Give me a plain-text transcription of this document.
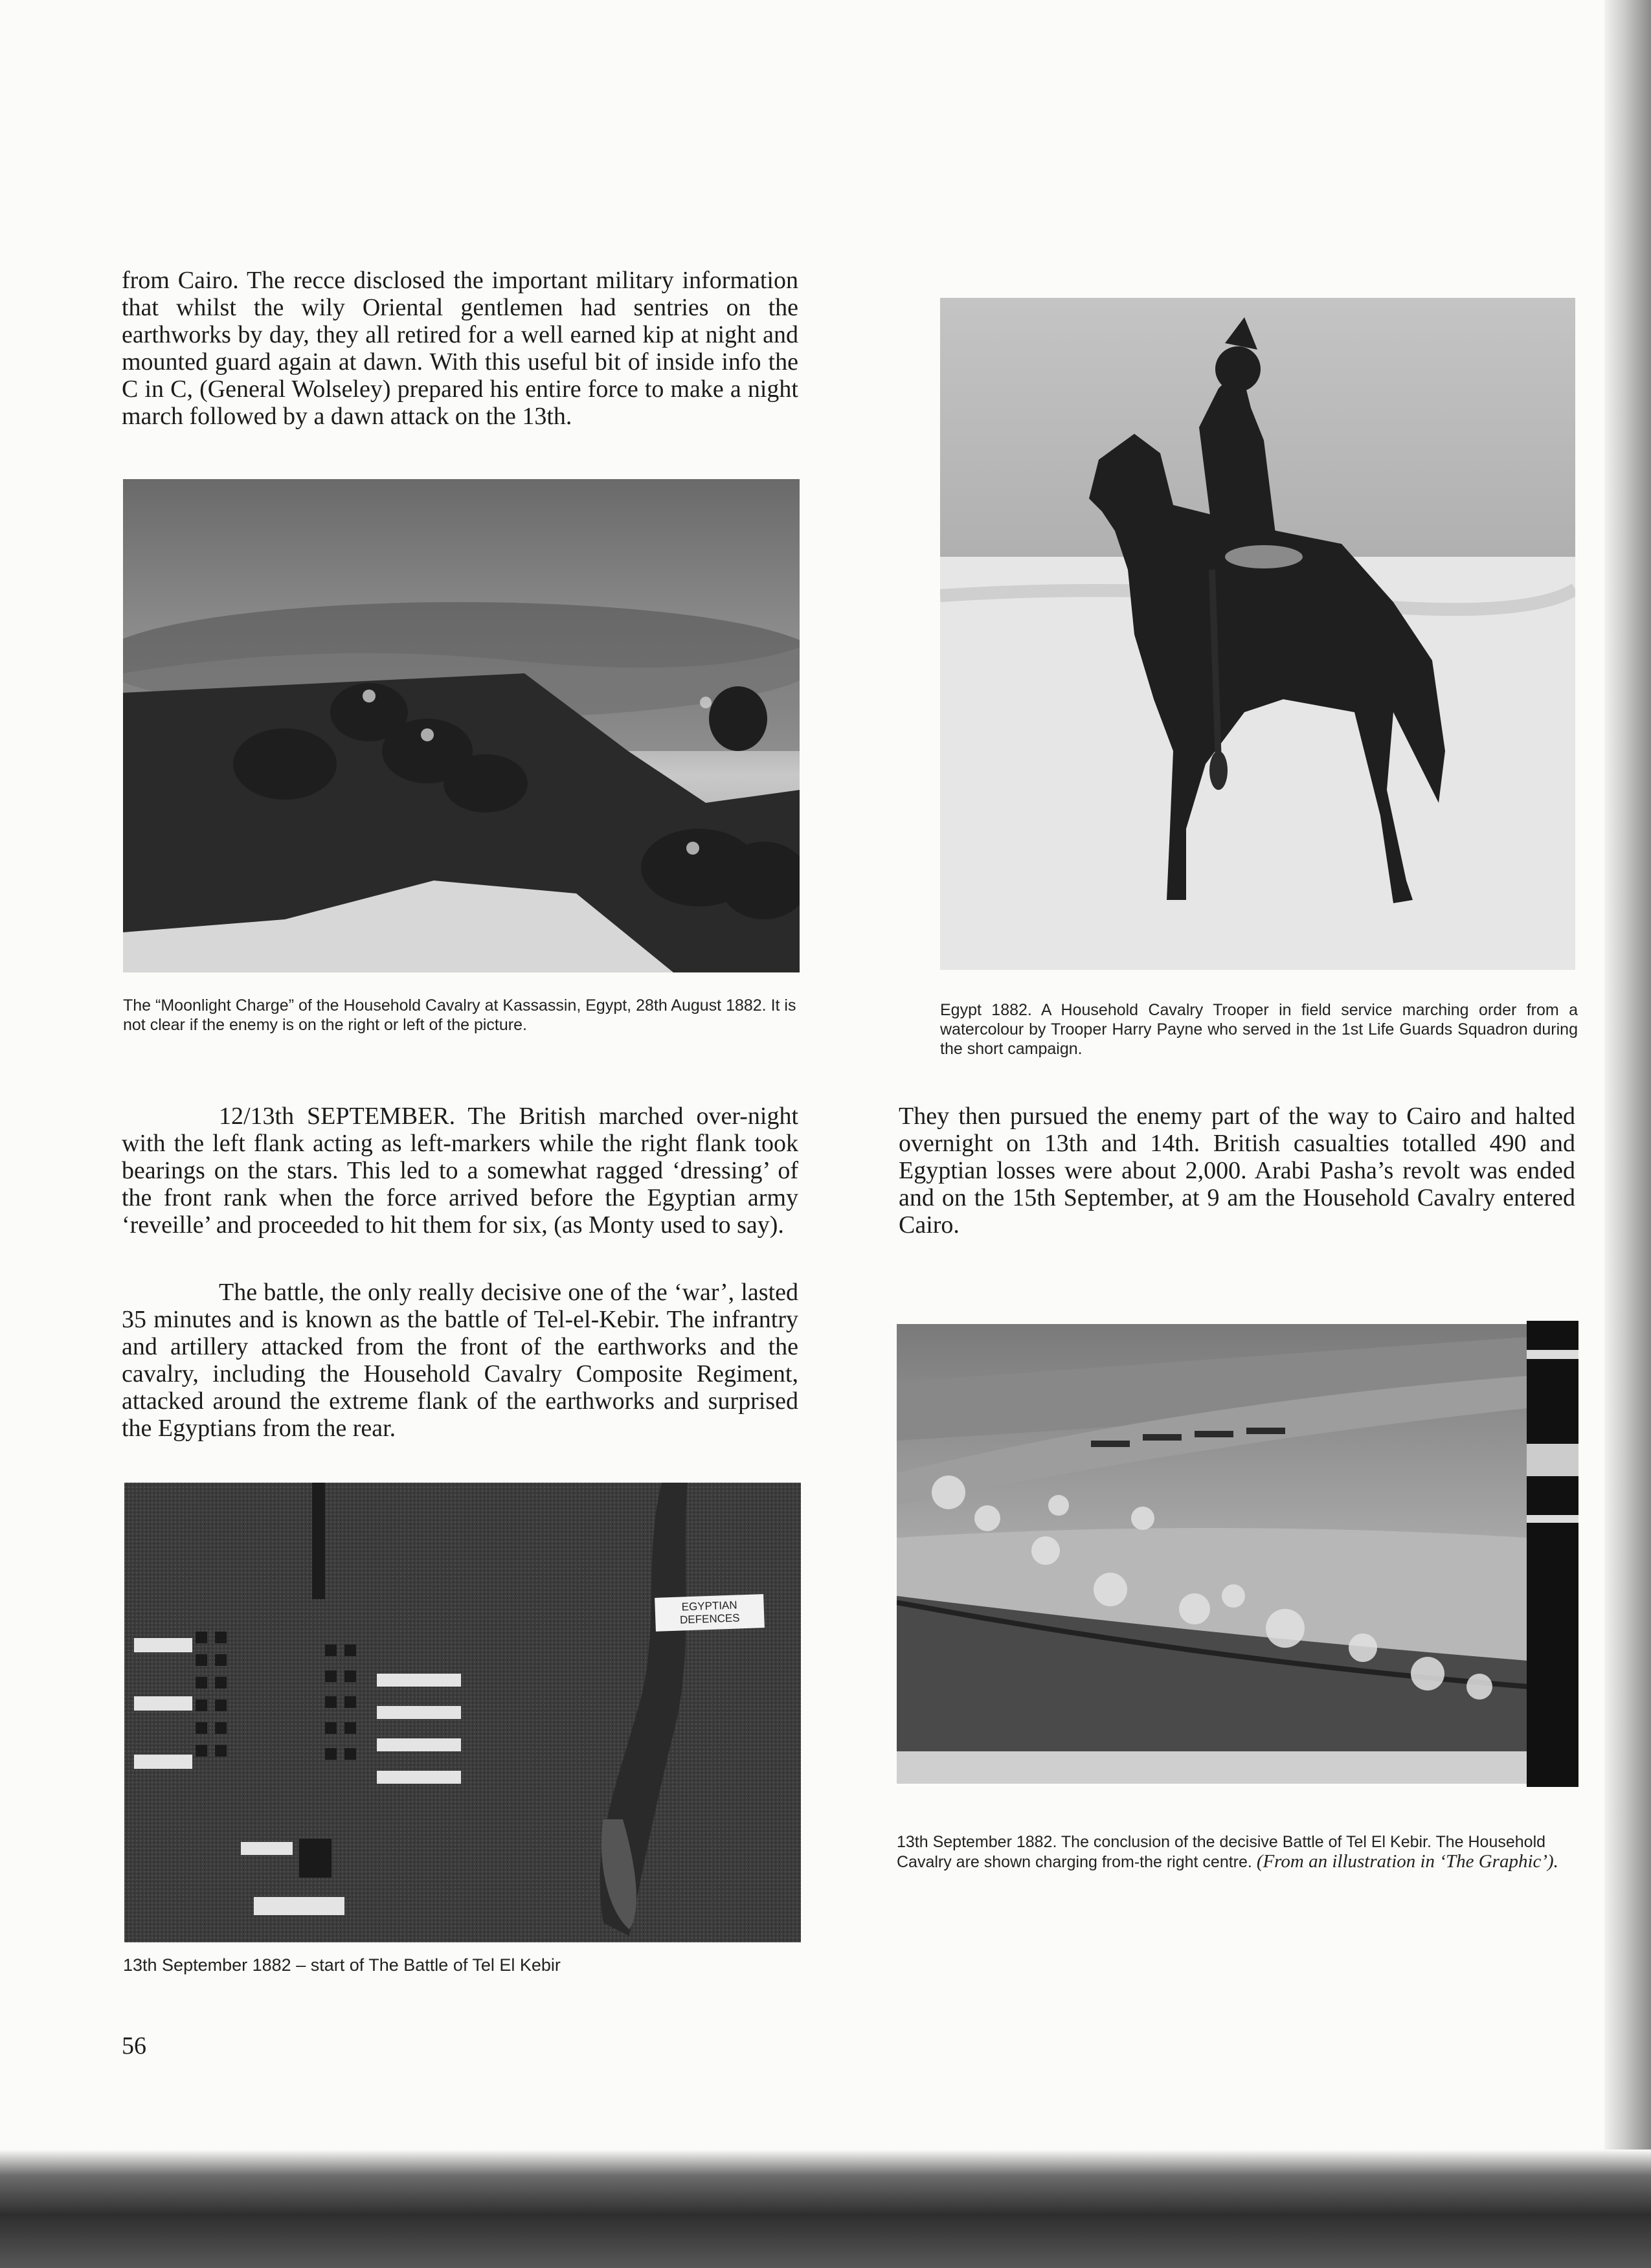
from Cairo. The recce disclosed the important military information that whilst the wily Oriental gentlemen had sentries on the earthworks by day, they all retired for a well earned kip at night and mounted guard again at dawn. With this useful bit of inside info the C in C, (General Wolseley) prepared his entire force to make a night march followed by a dawn attack on the 13th.
The “Moonlight Charge” of the Household Cavalry at Kassassin, Egypt, 28th August 1882. It is not clear if the enemy is on the right or left of the picture.
12/13th SEPTEMBER. The British marched over-night with the left flank acting as left-markers while the right flank took bearings on the stars. This led to a somewhat ragged ‘dressing’ of the front rank when the force arrived before the Egyptian army ‘reveille’ and proceeded to hit them for six, (as Monty used to say).
The battle, the only really decisive one of the ‘war’, lasted 35 minutes and is known as the battle of Tel-el-Kebir. The infrantry and artillery attacked from the front of the earthworks and the cavalry, including the Household Cavalry Composite Regiment, attacked around the extreme flank of the earthworks and surprised the Egyptians from the rear.
EGYPTIAN DEFENCES
13th September 1882 – start of The Battle of Tel El Kebir
Egypt 1882. A Household Cavalry Trooper in field service marching order from a watercolour by Trooper Harry Payne who served in the 1st Life Guards Squadron during the short campaign.
They then pursued the enemy part of the way to Cairo and halted overnight on 13th and 14th. British casualties totalled 490 and Egyptian losses were about 2,000. Arabi Pasha’s revolt was ended and on the 15th September, at 9 am the Household Cavalry entered Cairo.
13th September 1882. The conclusion of the decisive Battle of Tel El Kebir. The Household Cavalry are shown charging from-the right centre. (From an illustration in ‘The Graphic’).
56
